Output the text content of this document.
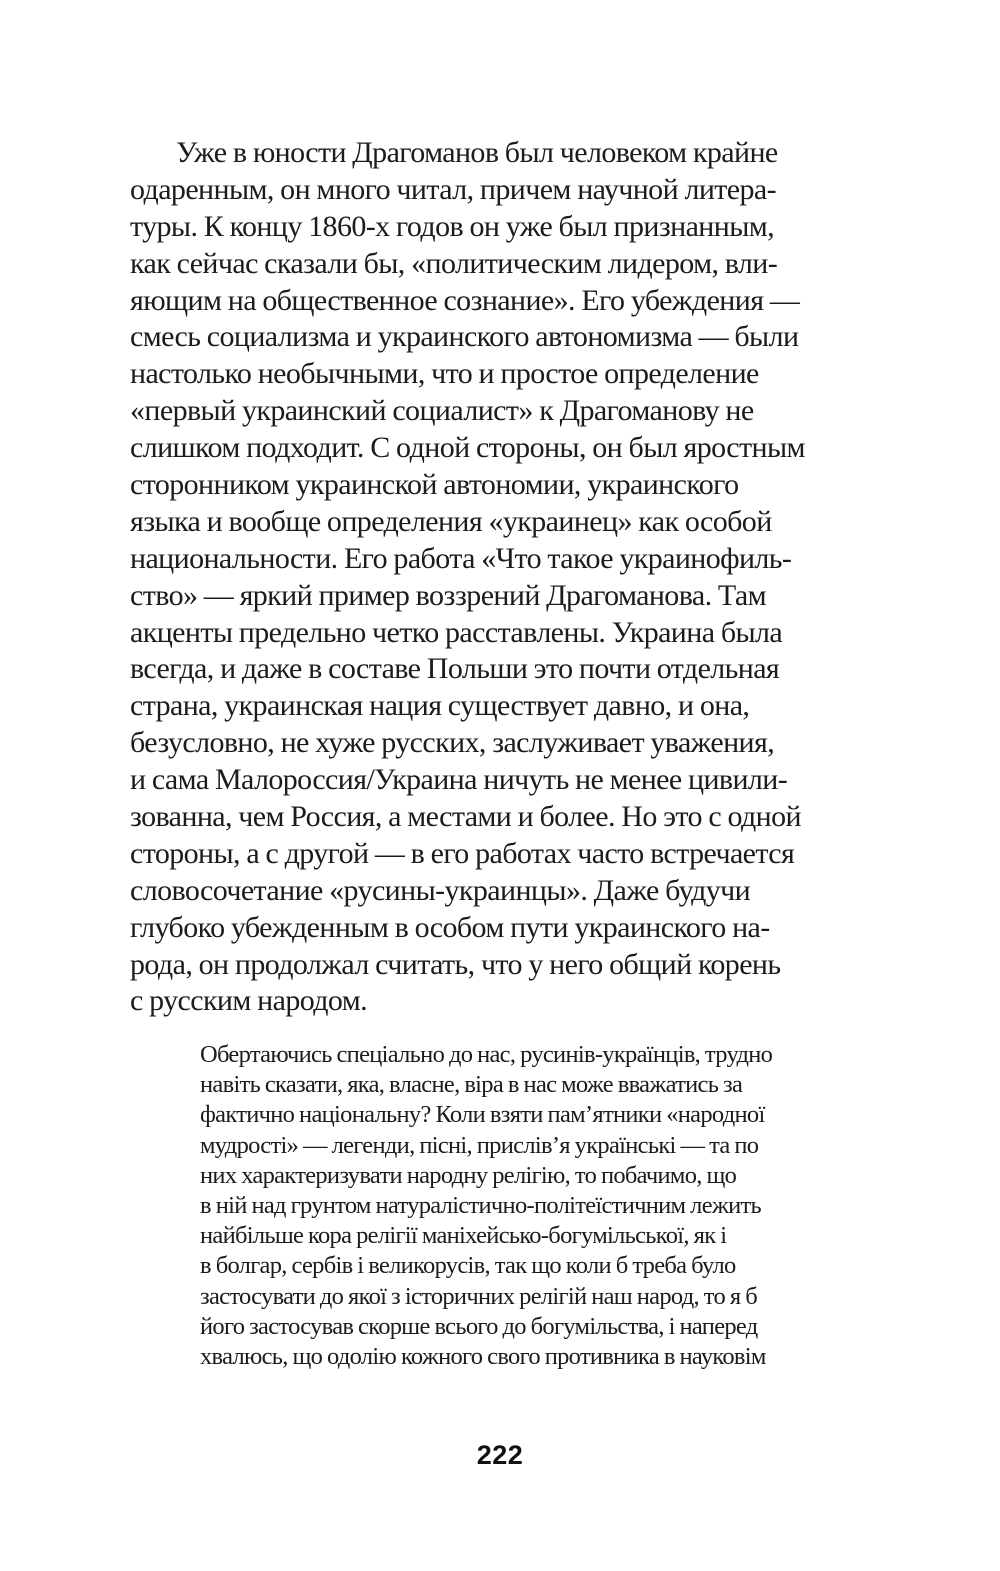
Уже в юности Драгоманов был человеком крайне
одаренным, он много читал, причем научной литера-
туры. К концу 1860-х годов он уже был признанным,
как сейчас сказали бы, «политическим лидером, вли-
яющим на общественное сознание». Его убеждения —
смесь социализма и украинского автономизма — были
настолько необычными, что и простое определение
«первый украинский социалист» к Драгоманову не
слишком подходит. С одной стороны, он был яростным
сторонником украинской автономии, украинского
языка и вообще определения «украинец» как особой
национальности. Его работа «Что такое украинофиль-
ство» — яркий пример воззрений Драгоманова. Там
акценты предельно четко расставлены. Украина была
всегда, и даже в составе Польши это почти отдельная
страна, украинская нация существует давно, и она,
безусловно, не хуже русских, заслуживает уважения,
и сама Малороссия/Украина ничуть не менее цивили-
зованна, чем Россия, а местами и более. Но это с одной
стороны, а с другой — в его работах часто встречается
словосочетание «русины-украинцы». Даже будучи
глубоко убежденным в особом пути украинского на-
рода, он продолжал считать, что у него общий корень
с русским народом.
Обертаючись спеціально до нас, русинів-українців, трудно
навіть сказати, яка, власне, віра в нас може вважатись за
фактично національну? Коли взяти пам’ятники «народної
мудрості» — легенди, пісні, прислів’я українські — та по
них характеризувати народну релігію, то побачимо, що
в ній над грунтом натуралістично-політеїстичним лежить
найбільше кора релігії маніхейсько-богумільської, як і
в болгар, сербів і великорусів, так що коли б треба було
застосувати до якої з історичних релігій наш народ, то я б
його застосував скорше всього до богумільства, і наперед
хвалюсь, що одолію кожного свого противника в науковім
222
